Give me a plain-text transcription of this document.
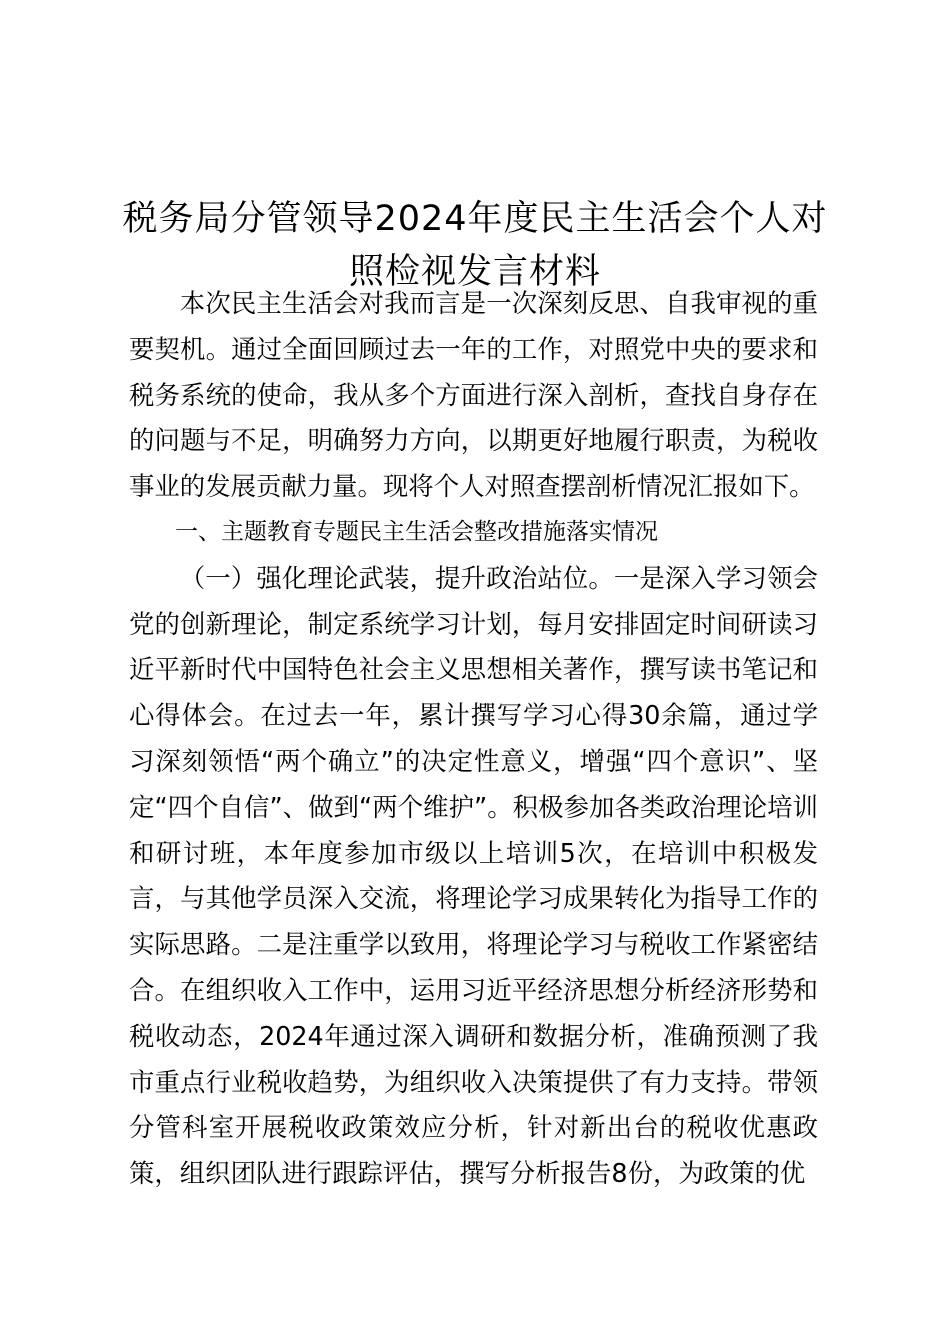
税务局分管领导2024年度民主生活会个人对照检视发言材料

本次民主生活会对我而言是一次深刻反思、自我审视的重要契机。通过全面回顾过去一年的工作，对照党中央的要求和税务系统的使命，我从多个方面进行深入剖析，查找自身存在的问题与不足，明确努力方向，以期更好地履行职责，为税收事业的发展贡献力量。现将个人对照查摆剖析情况汇报如下。

一、主题教育专题民主生活会整改措施落实情况

（一）强化理论武装，提升政治站位。一是深入学习领会党的创新理论，制定系统学习计划，每月安排固定时间研读习近平新时代中国特色社会主义思想相关著作，撰写读书笔记和心得体会。在过去一年，累计撰写学习心得30余篇，通过学习深刻领悟“两个确立”的决定性意义，增强“四个意识”、坚定“四个自信”、做到“两个维护”。积极参加各类政治理论培训和研讨班，本年度参加市级以上培训5次，在培训中积极发言，与其他学员深入交流，将理论学习成果转化为指导工作的实际思路。二是注重学以致用，将理论学习与税收工作紧密结合。在组织收入工作中，运用习近平经济思想分析经济形势和税收动态，2024年通过深入调研和数据分析，准确预测了我市重点行业税收趋势，为组织收入决策提供了有力支持。带领分管科室开展税收政策效应分析，针对新出台的税收优惠政策，组织团队进行跟踪评估，撰写分析报告8份，为政策的优
